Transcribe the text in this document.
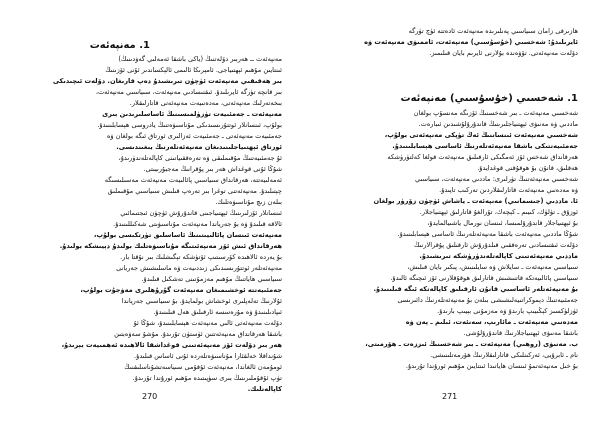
1. مەنپەئەت
مەنپەئەت ــ ھەربىر دۆلەتنىڭ (ياكى باشقا ئەمەلىي گەۋدىنىڭ)
ئىنتايىن مۇھىم ئېھتىياجى. ئامېرىكا ئالىمى ئالېكساندىر ئۇنى ئۆزىنىڭ
بىر ھەقىقىي مەنپەئەت ئۈچۈن تىرىشىدۇ دەپ قارىغان. دۆلەت ئىچىدىكى
بىر قانچە تۈرگە ئايرىلىدۇ. ئىقتىسادىي مەنپەئەت، سىياسىي مەنپەئەت،
بىخەتەرلىك مەنپەئەتى، مەدەنىيەت مەنپەئەتى قاتارلىقلار.
مەنپەئەت ـ جەمئىيەت تۈزۈلمىسىنىڭ ئاساسلىرىدىن بىرى
بولۇپ، ئىنسانلار ئوتتۇرىسىدىكى مۇناسىۋەتنىڭ يادروسى ھېسابلىنىدۇ.
جەمئىيەت مەنپەئەتى ـ جەمئىيەت ئەزالىرى ئورتاق ئىگە بولغان ۋە
ئورتاق ئېھتىياجلىنىدىغان مەنپەئەتلەرنىڭ يىغىندىسى.
ئۇ جەمئىيەتنىڭ مۇقىملىقى ۋە تەرەققىياتىنى كاپالەتلەندۈرىدۇ،
شۇڭا ئۇنى قوغداش ھەر بىر پۇقرانىڭ مەجبۇرىيىتى.
ئەمەلىيەتتە، ھەرقانداق سىياسىي پائالىيەت مەنپەئەت مەسىلىسىگە
چېتىلىدۇ. مەنپەئەتنى توغرا بىر تەرەپ قىلىش سىياسىي مۇقىملىق
بىلەن زىچ مۇناسىۋەتلىك.
ئىنسانلار ئۆزلىرىنىڭ ئېھتىياجىنى قاندۇرۇش ئۈچۈن ئىجتىمائىي
ئالاقە قىلىدۇ ۋە بۇ جەرياندا مەنپەئەت مۇناسىۋىتى شەكىللىنىدۇ.
مەنپەئەت ئىنسان پائالىيىتىنىڭ ئاساسلىق تۈرتكىسى بولۇپ،
ھەرقانداق ئىش ئۆز مەنپەئىتىگە مۇناسىۋەتلىك بولىدۇ دېيىشكە بولىدۇ.
بۇ يەردە ئالاھىدە كۆرسىتىپ ئۆتۈشكە تېگىشلىك بىر نۇقتا بار.
مەنپەئەتلەر ئوتتۇرىسىدىكى زىددىيەت ۋە ماسلىشىش جەريانى
سىياسىي ھاياتنىڭ مۇھىم مەزمۇنىنى تەشكىل قىلىدۇ.
جەمئىيەتتە ئوخشىمىغان مەنپەئەت گۇرۇھلىرى مەۋجۇت بولۇپ،
ئۇلارنىڭ تەلەپلىرى ئوخشاش بولمايدۇ. بۇ سىياسىي جەرياندا
ئىپادىلىنىدۇ ۋە مۇرەسسە ئارقىلىق ھەل قىلىنىدۇ.
دۆلەت مەنپەئەتى ئالىي مەنپەئەت ھېسابلىنىدۇ، شۇڭا ئۇ
باشقا ھەرقانداق مەنپەئەتتىن ئۈستۈن تۇرىدۇ. مۇشۇ سەۋەبتىن
ھەر بىر دۆلەت ئۆز مەنپەئەتىنى قوغداشقا ئالاھىدە ئەھمىيەت بېرىدۇ،
شۇنداقلا خەلقئارا مۇناسىۋەتلەردە ئۇنى ئاساس قىلىدۇ.
ئومۇمەن ئالغاندا، مەنپەئەت ئۇقۇمى سىياسەتشۇناسلىقنىڭ
تۈپ ئۇقۇملىرىنىڭ بىرى سۈپىتىدە مۇھىم ئورۇندا تۇرىدۇ.
كاپالەتلىك.
270
ھازىرقى زامان سىياسىي پەنلىرىدە مەنپەئەت ئادەتتە ئۈچ تۈرگە
ئايرىلىدۇ: شەخسىي (خۇسۇسىي) مەنپەئەت، ئاممىۋى مەنپەئەت ۋە
دۆلەت مەنپەئەتى. تۆۋەندە بۇلارنى ئايرىم بايان قىلىمىز.
1. شەخسىي (خۇسۇسىي) مەنپەئەت
شەخسىي مەنپەئەت ـ بىر شەخسنىڭ ئۆزىگە مەنسۇپ بولغان
ماددىي ۋە مەنىۋى ئېھتىياجلىرىنىڭ قاندۇرۇلۇشىدىن ئىبارەت.
شەخسىي مەنپەئەت ئىنساننىڭ ئەڭ تۈپكى مەنپەئەتى بولۇپ،
جەمئىيەتتىكى باشقا مەنپەئەتلەرنىڭ ئاساسى ھېسابلىنىدۇ.
ھەرقانداق شەخس ئۆز ئەمگىكى ئارقىلىق مەنپەئەت قولغا كەلتۈرۈشكە
ھەقلىق، قانۇن بۇ ھوقۇقنى قوغدايدۇ.
شەخسىي مەنپەئەتنىڭ تۈرلىرى: ماددىي مەنپەئەت، سىياسىي
ۋە مەدەنىي مەنپەئەت قاتارلىقلاردىن تەركىب تاپىدۇ.
ئا. ماددىي (جىسمانىي) مەنپەئەت ـ ياشاش ئۈچۈن زۆرۈر بولغان
ئوزۇق ـ تۈلۈك، كىيىم ـ كېچەك، تۇرالغۇ قاتارلىق ئېھتىياجلار.
بۇ ئېھتىياجلار قاندۇرۇلمىسا، ئىنسان نورمال ياشىيالمايدۇ،
شۇڭا ماددىي مەنپەئەت باشقا مەنپەئەتلەرنىڭ ئاساسى ھېسابلىنىدۇ.
دۆلەت ئىقتىسادنى تەرەققىي قىلدۇرۇش ئارقىلىق پۇقرالارنىڭ
ماددىي مەنپەئەتىنى كاپالەتلەندۈرۈشكە تىرىشىدۇ.
سىياسىي مەنپەئەت ـ سايلاش ۋە سايلىنىش، پىكىر بايان قىلىش،
سىياسىي پائالىيەتكە قاتنىشىش قاتارلىق ھوقۇقلارنى ئۆز ئىچىگە ئالىدۇ.
بۇ مەنپەئەتلەر ئاساسىي قانۇن ئارقىلىق كاپالەتكە ئىگە قىلىنىدۇ.
جەمئىيەتنىڭ دېموكراتىيەلىشىشى بىلەن بۇ مەنپەئەتلەرنىڭ دائىرىسى
ئۈزلۈكسىز كېڭىيىپ بارىدۇ ۋە مەزمۇنى بېيىپ بارىدۇ.
مەدەنىي مەنپەئەت ـ مائارىپ، سەنئەت، ئىلىم ـ پەن ۋە
باشقا مەنىۋى ئېھتىياجلارنىڭ قاندۇرۇلۇشى.
ب. مەنىۋى (روھىي) مەنپەئەت ـ بىر شەخسنىڭ ئىززەت ـ ھۆرمىتى،
نام ـ ئابرۇيى، ئەركىنلىكى قاتارلىقلارنىڭ ھۆرمەتلىنىشى.
بۇ خىل مەنپەئەتمۇ ئىنسان ھاياتىدا ئىنتايىن مۇھىم ئورۇندا تۇرىدۇ.
271
